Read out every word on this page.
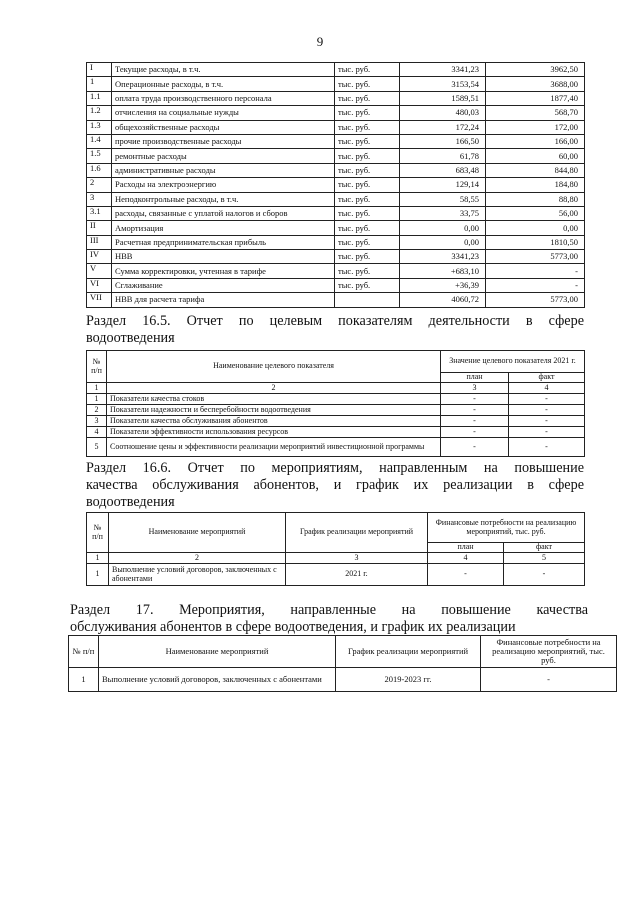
9
I	Текущие расходы, в т.ч.	тыс. руб.	3341,23	3962,50
1	Операционные расходы, в т.ч.	тыс. руб.	3153,54	3688,00
1.1	оплата труда производственного персонала	тыс. руб.	1589,51	1877,40
1.2	отчисления на социальные нужды	тыс. руб.	480,03	568,70
1.3	общехозяйственные расходы	тыс. руб.	172,24	172,00
1.4	прочие производственные расходы	тыс. руб.	166,50	166,00
1.5	ремонтные расходы	тыс. руб.	61,78	60,00
1.6	административные расходы	тыс. руб.	683,48	844,80
2	Расходы на электроэнергию	тыс. руб.	129,14	184,80
3	Неподконтрольные расходы, в т.ч.	тыс. руб.	58,55	88,80
3.1	расходы, связанные с уплатой налогов и сборов	тыс. руб.	33,75	56,00
II	Амортизация	тыс. руб.	0,00	0,00
III	Расчетная предпринимательская прибыль	тыс. руб.	0,00	1810,50
IV	НВВ	тыс. руб.	3341,23	5773,00
V	Сумма корректировки, учтенная в тарифе	тыс. руб.	+683,10	-
VI	Сглаживание	тыс. руб.	+36,39	-
VII	НВВ для расчета тарифа		4060,72	5773,00
Раздел 16.5. Отчет по целевым показателям деятельности в сфере
водоотведения
№ п/п	Наименование целевого показателя	Значение целевого показателя 2021 г.	
		план	факт
1	2	3	4
1	Показатели качества стоков	-	-
2	Показатели надежности и бесперебойности водоотведения	-	-
3	Показатели качества обслуживания абонентов	-	-
4	Показатели эффективности использования ресурсов	-	-
5	Соотношение цены и эффективности реализации мероприятий инвестиционной программы	-	-
Раздел 16.6. Отчет по мероприятиям, направленным на повышение
качества обслуживания абонентов, и график их реализации в сфере
водоотведения
№ п/п	Наименование мероприятий	График реализации мероприятий	Финансовые потребности на реализацию мероприятий, тыс. руб.	
			план	факт
1	2	3	4	5
1	Выполнение условий договоров, заключенных с абонентами	2021 г.	-	-
Раздел 17. Мероприятия, направленные на повышение качества
обслуживания абонентов в сфере водоотведения, и график их реализации
№ п/п	Наименование мероприятий	График реализации мероприятий	Финансовые потребности на реализацию мероприятий, тыс. руб.
1	Выполнение условий договоров, заключенных с абонентами	2019-2023 гг.	-
